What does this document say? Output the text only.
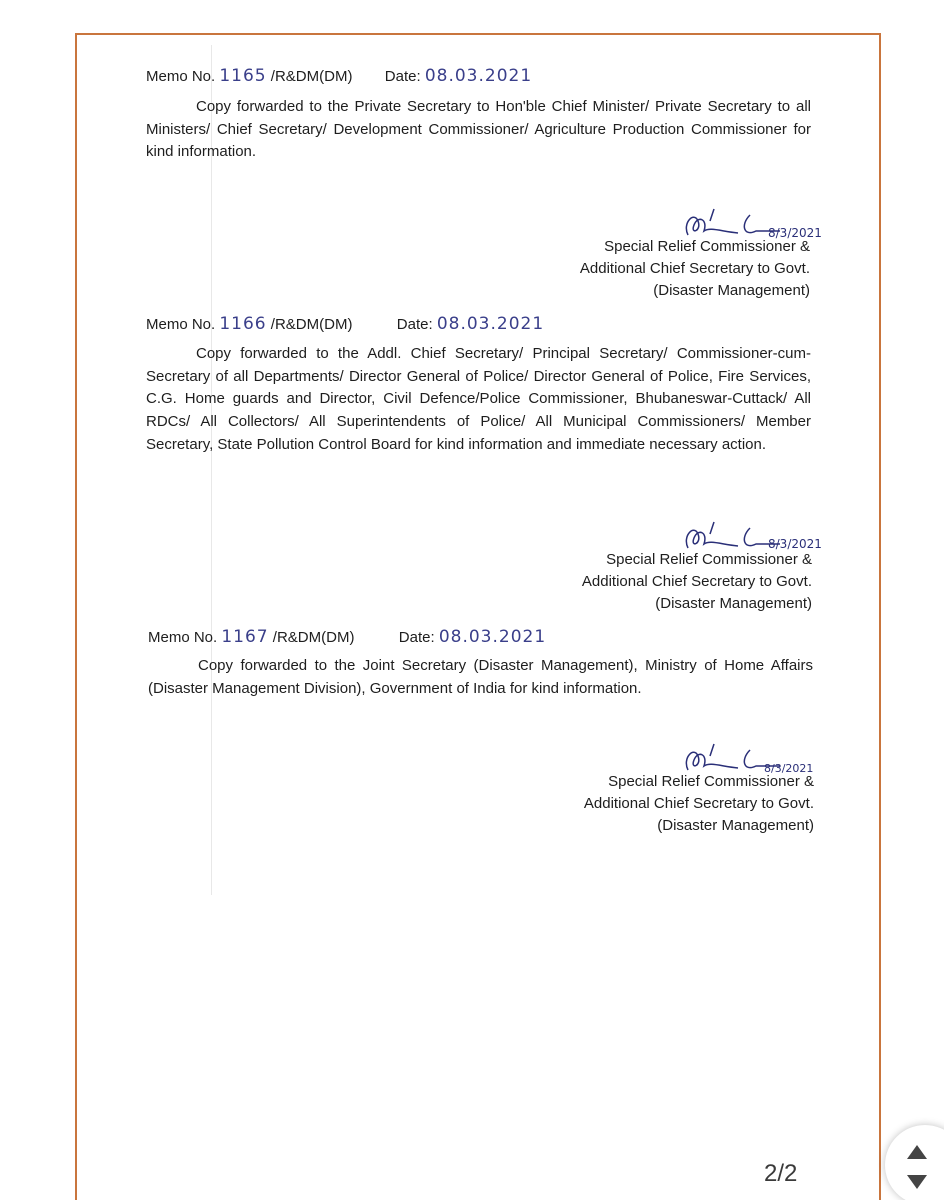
Memo No. 1165 /R&DM(DM) Date: 08.03.2021

Copy forwarded to the Private Secretary to Hon'ble Chief Minister/ Private Secretary to all Ministers/ Chief Secretary/ Development Commissioner/ Agriculture Production Commissioner for kind information.

8/3/2021
Special Relief Commissioner &
Additional Chief Secretary to Govt.
(Disaster Management)
Memo No. 1166 /R&DM(DM)	Date: 08.03.2021

Copy forwarded to the Addl. Chief Secretary/ Principal Secretary/ Commissioner-cum-Secretary of all Departments/ Director General of Police/ Director General of Police, Fire Services, C.G. Home guards and Director, Civil Defence/Police Commissioner, Bhubaneswar-Cuttack/ All RDCs/ All Collectors/ All Superintendents of Police/ All Municipal Commissioners/ Member Secretary, State Pollution Control Board for kind information and immediate necessary action.

8/3/2021
Special Relief Commissioner &
Additional Chief Secretary to Govt.
(Disaster Management)
Memo No. 1167 /R&DM(DM)	Date: 08.03.2021

Copy forwarded to the Joint Secretary (Disaster Management), Ministry of Home Affairs (Disaster Management Division), Government of India for kind information.

8/3/2021
Special Relief Commissioner &
Additional Chief Secretary to Govt.
(Disaster Management)
2/2
